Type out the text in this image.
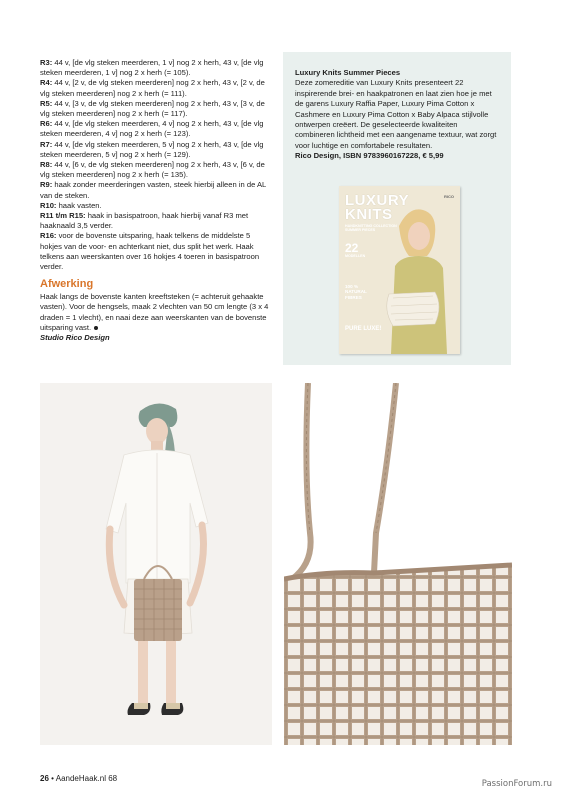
R3: 44 v, [de vlg steken meerderen, 1 v] nog 2 x herh, 43 v, [de vlg steken meerderen, 1 v] nog 2 x herh (= 105).

R4: 44 v, [2 v, de vlg steken meerderen] nog 2 x herh, 43 v, [2 v, de vlg steken meerderen] nog 2 x herh (= 111).

R5: 44 v, [3 v, de vlg steken meerderen] nog 2 x herh, 43 v, [3 v, de vlg steken meerderen] nog 2 x herh (= 117).

R6: 44 v, [de vlg steken meerderen, 4 v] nog 2 x herh, 43 v, [de vlg steken meerderen, 4 v] nog 2 x herh (= 123).

R7: 44 v, [de vlg steken meerderen, 5 v] nog 2 x herh, 43 v, [de vlg steken meerderen, 5 v] nog 2 x herh (= 129).

R8: 44 v, [6 v, de vlg steken meerderen] nog 2 x herh, 43 v, [6 v, de vlg steken meerderen] nog 2 x herh (= 135).

R9: haak zonder meerderingen vasten, steek hierbij alleen in de AL van de steken.

R10: haak vasten.

R11 t/m R15: haak in basispatroon, haak hierbij vanaf R3 met haaknaald 3,5 verder.

R16: voor de bovenste uitsparing, haak telkens de middelste 5 hokjes van de voor- en achterkant niet, dus split het werk. Haak telkens aan weerskanten over 16 hokjes 4 toeren in basispatroon verder.

Afwerking

Haak langs de bovenste kanten kreeftsteken (= achteruit gehaakte vasten). Voor de hengsels, maak 2 vlechten van 50 cm lengte (3 x 4 draden = 1 vlecht), en naai deze aan weerskanten van de bovenste uitsparing vast.

Studio Rico Design

Luxury Knits Summer Pieces

Deze zomereditie van Luxury Knits presenteert 22 inspirerende brei- en haakpatronen en laat zien hoe je met de garens Luxury Raffia Paper, Luxury Pima Cotton x Cashmere en Luxury Pima Cotton x Baby Alpaca stijlvolle ontwerpen creëert. De geselecteerde kwaliteiten combineren lichtheid met een aangename textuur, wat zorgt voor luchtige en comfortabele resultaten.

Rico Design, ISBN 9783960167228, € 5,99

LUXURY
KNITS
HANDKNITTING COLLECTION SUMMER PIECES
22
MODELLEN
100 % NATURAL FIBRES
PURE LUXE!
RICO
26 • AandeHaak.nl 68
PassionForum.ru
